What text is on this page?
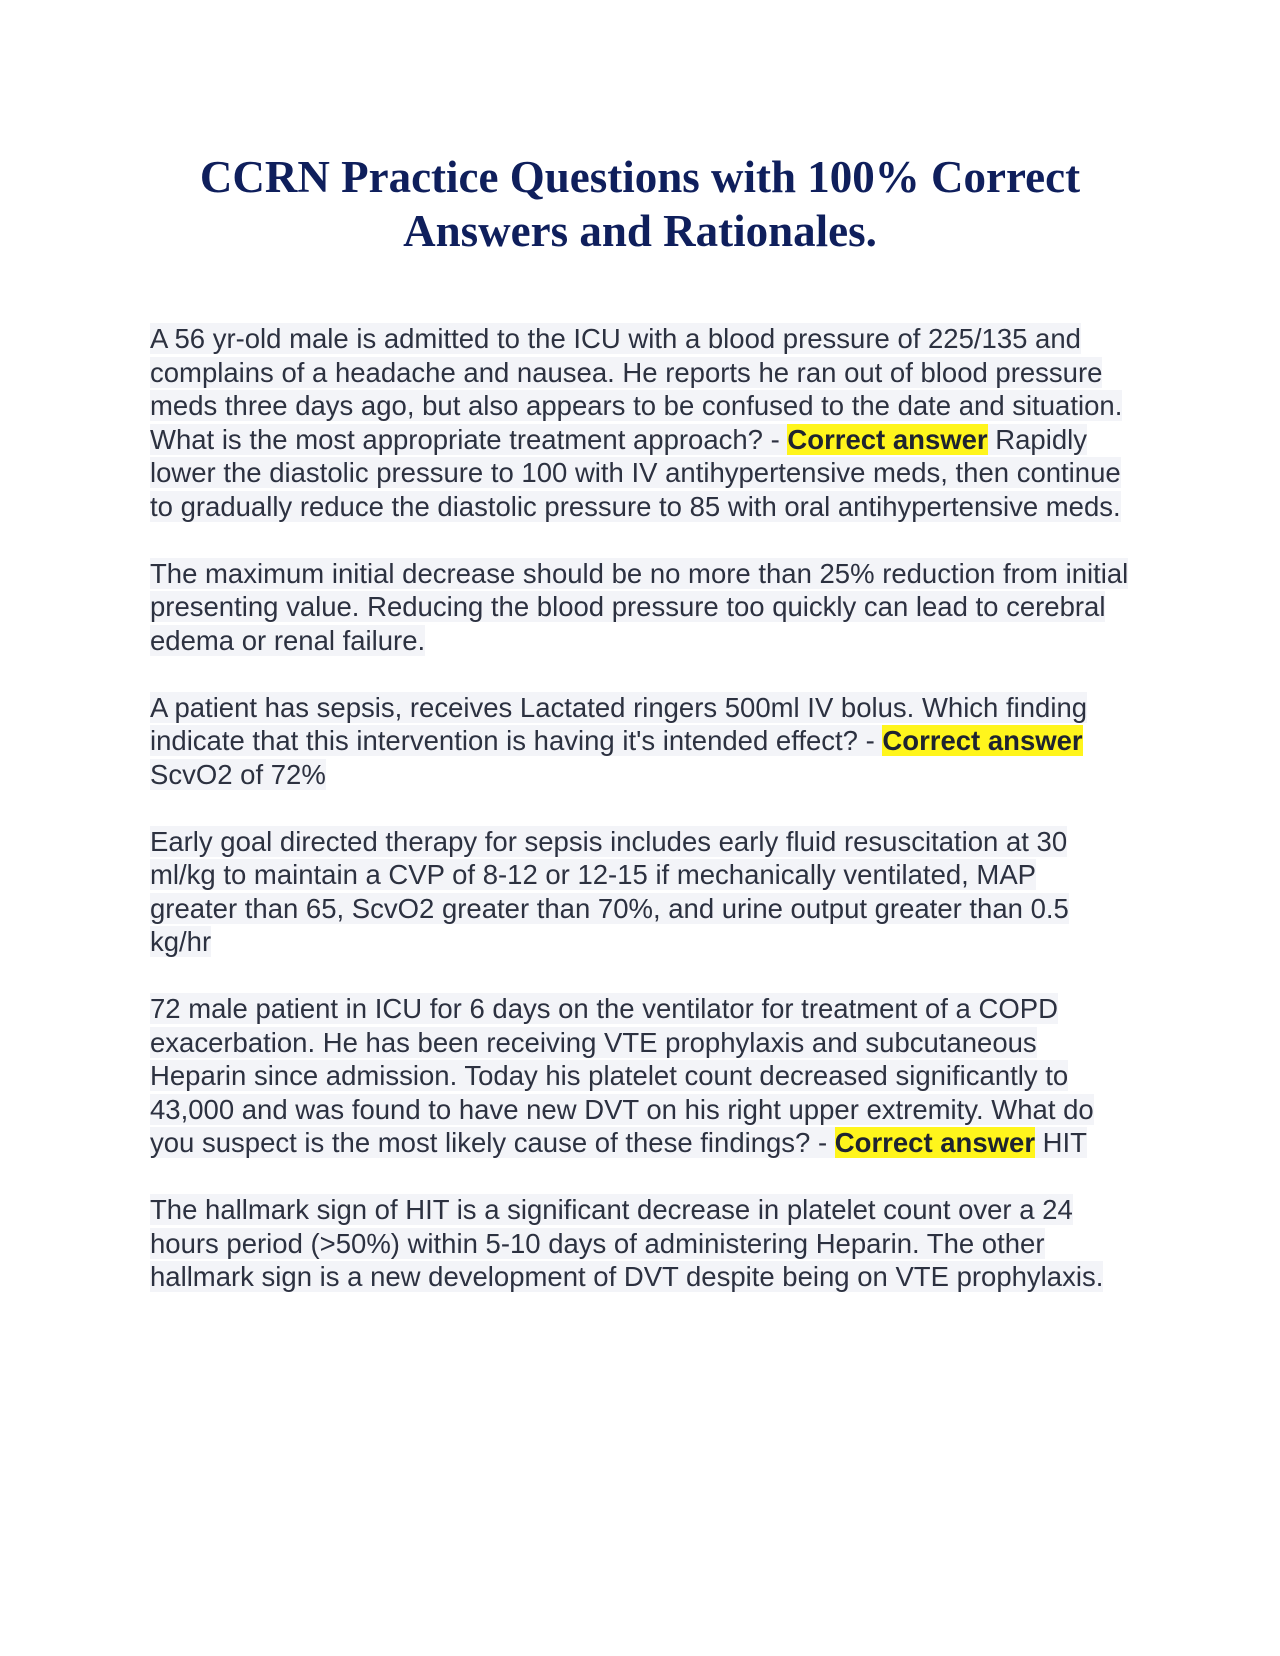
CCRN Practice Questions with 100% Correct
Answers and Rationales.

A 56 yr-old male is admitted to the ICU with a blood pressure of 225/135 and complains of a headache and nausea. He reports he ran out of blood pressure meds three days ago, but also appears to be confused to the date and situation. What is the most appropriate treatment approach? - Correct answer Rapidly lower the diastolic pressure to 100 with IV antihypertensive meds, then continue to gradually reduce the diastolic pressure to 85 with oral antihypertensive meds.

The maximum initial decrease should be no more than 25% reduction from initial presenting value. Reducing the blood pressure too quickly can lead to cerebral edema or renal failure.

A patient has sepsis, receives Lactated ringers 500ml IV bolus. Which finding indicate that this intervention is having it's intended effect? - Correct answer ScvO2 of 72%

Early goal directed therapy for sepsis includes early fluid resuscitation at 30 ml/kg to maintain a CVP of 8-12 or 12-15 if mechanically ventilated, MAP greater than 65, ScvO2 greater than 70%, and urine output greater than 0.5 kg/hr

72 male patient in ICU for 6 days on the ventilator for treatment of a COPD exacerbation. He has been receiving VTE prophylaxis and subcutaneous Heparin since admission. Today his platelet count decreased significantly to 43,000 and was found to have new DVT on his right upper extremity. What do you suspect is the most likely cause of these findings? - Correct answer HIT

The hallmark sign of HIT is a significant decrease in platelet count over a 24 hours period (>50%) within 5-10 days of administering Heparin. The other hallmark sign is a new development of DVT despite being on VTE prophylaxis.
